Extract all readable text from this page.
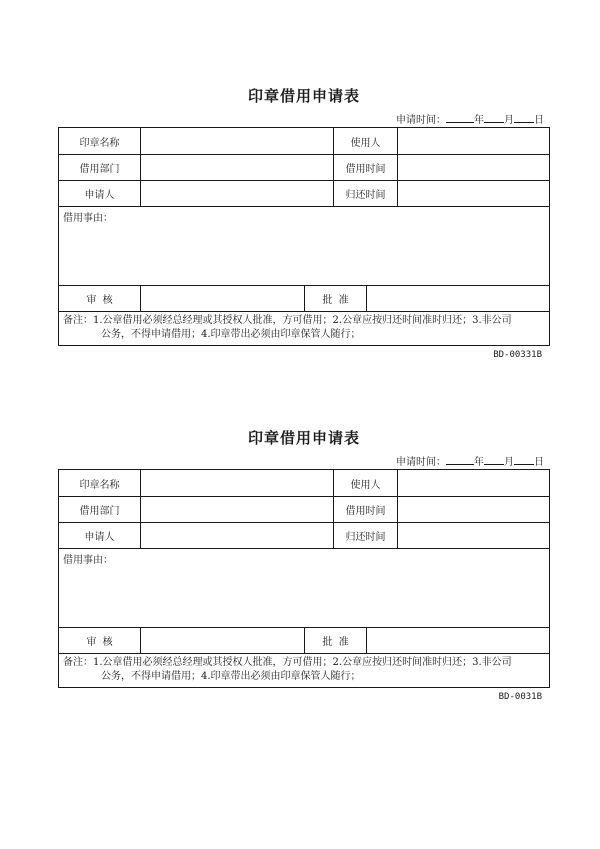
印章借用申请表
申请时间：	年 月 日
印章名称	使用人
借用部门	借用时间
申请人	归还时间
借用事由：
审  核	批  准
备注：1.公章借用必须经总经理或其授权人批准，方可借用；2.公章应按归还时间准时归还；3.非公司
公务，不得申请借用；4.印章带出必须由印章保管人随行；
BD-00331B
印章借用申请表
申请时间：	年 月 日
印章名称	使用人
借用部门	借用时间
申请人	归还时间
借用事由：
审  核	批  准
备注：1.公章借用必须经总经理或其授权人批准，方可借用；2.公章应按归还时间准时归还；3.非公司
公务，不得申请借用；4.印章带出必须由印章保管人随行；
BD-0031B
